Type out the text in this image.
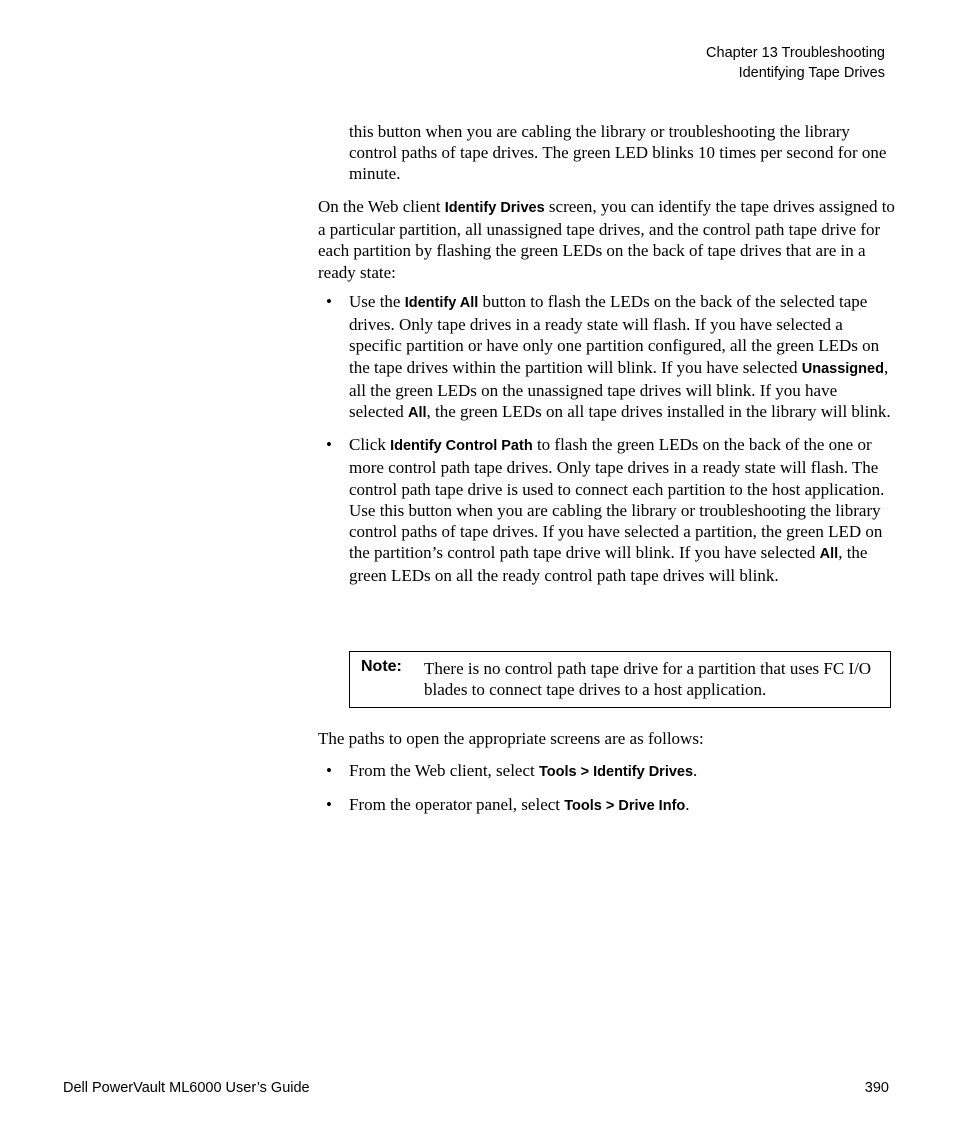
Chapter 13 Troubleshooting
Identifying Tape Drives

this button when you are cabling the library or troubleshooting the library control paths of tape drives. The green LED blinks 10 times per second for one minute.

On the Web client Identify Drives screen, you can identify the tape drives assigned to a particular partition, all unassigned tape drives, and the control path tape drive for each partition by flashing the green LEDs on the back of tape drives that are in a ready state:

• Use the Identify All button to flash the LEDs on the back of the selected tape drives. Only tape drives in a ready state will flash. If you have selected a specific partition or have only one partition configured, all the green LEDs on the tape drives within the partition will blink. If you have selected Unassigned, all the green LEDs on the unassigned tape drives will blink. If you have selected All, the green LEDs on all tape drives installed in the library will blink.
• Click Identify Control Path to flash the green LEDs on the back of the one or more control path tape drives. Only tape drives in a ready state will flash. The control path tape drive is used to connect each partition to the host application. Use this button when you are cabling the library or troubleshooting the library control paths of tape drives. If you have selected a partition, the green LED on the partition’s control path tape drive will blink. If you have selected All, the green LEDs on all the ready control path tape drives will blink.
Note: There is no control path tape drive for a partition that uses FC I/O blades to connect tape drives to a host application.

The paths to open the appropriate screens are as follows:

• From the Web client, select Tools > Identify Drives.
• From the operator panel, select Tools > Drive Info.
Dell PowerVault ML6000 User’s Guide	390
